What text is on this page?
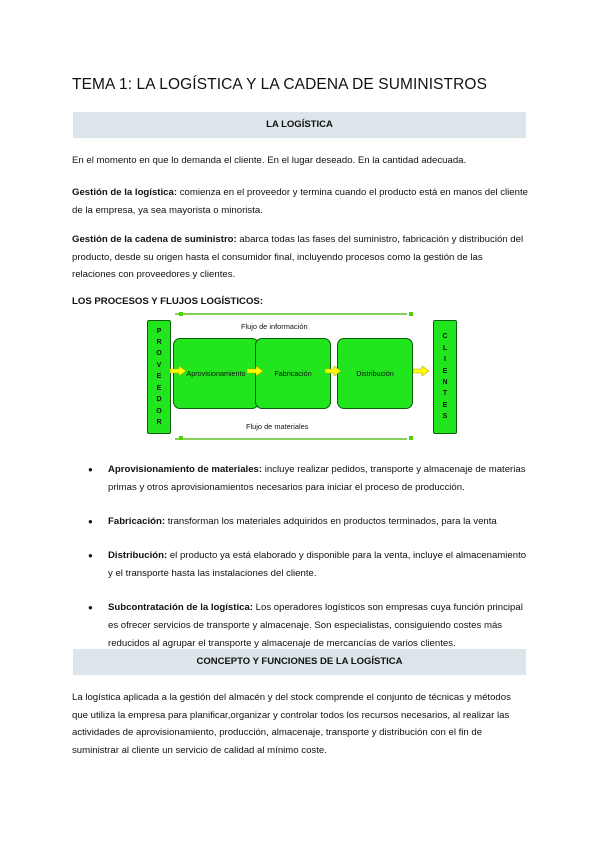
TEMA 1: LA LOGÍSTICA Y LA CADENA DE SUMINISTROS
LA LOGÍSTICA
En el momento en que lo demanda el cliente. En el lugar deseado. En la cantidad adecuada.
Gestión de la logística: comienza en el proveedor y termina cuando el producto está en manos del cliente de la empresa, ya sea mayorista o minorista.
Gestión de la cadena de suministro: abarca todas las fases del suministro, fabricación y distribución del producto, desde su origen hasta el consumidor final, incluyendo procesos como la gestión de las relaciones con proveedores y clientes.
LOS PROCESOS Y FLUJOS LOGÍSTICOS:
P
R
O
V
E
E
D
O
R
C
L
I
E
N
T
E
S
Flujo de información
Flujo de materiales
Aprovisionamiento	Fabricación	Distribución
● Aprovisionamiento de materiales: incluye realizar pedidos, transporte y almacenaje de materias primas y otros aprovisionamientos necesarios para iniciar el proceso de producción.
● Fabricación: transforman los materiales adquiridos en productos terminados, para la venta
● Distribución: el producto ya está elaborado y disponible para la venta, incluye el almacenamiento y el transporte hasta las instalaciones del cliente.
● Subcontratación de la logística: Los operadores logísticos son empresas cuya función principal es ofrecer servicios de transporte y almacenaje. Son especialistas, consiguiendo costes más reducidos al agrupar el transporte y almacenaje de mercancías de varios clientes.
CONCEPTO Y FUNCIONES DE LA LOGÍSTICA
La logística aplicada a la gestión del almacén y del stock comprende el conjunto de técnicas y métodos que utiliza la empresa para planificar,organizar y controlar todos los recursos necesarios, al realizar las actividades de aprovisionamiento, producción, almacenaje, transporte y distribución con el fin de suministrar al cliente un servicio de calidad al mínimo coste.
